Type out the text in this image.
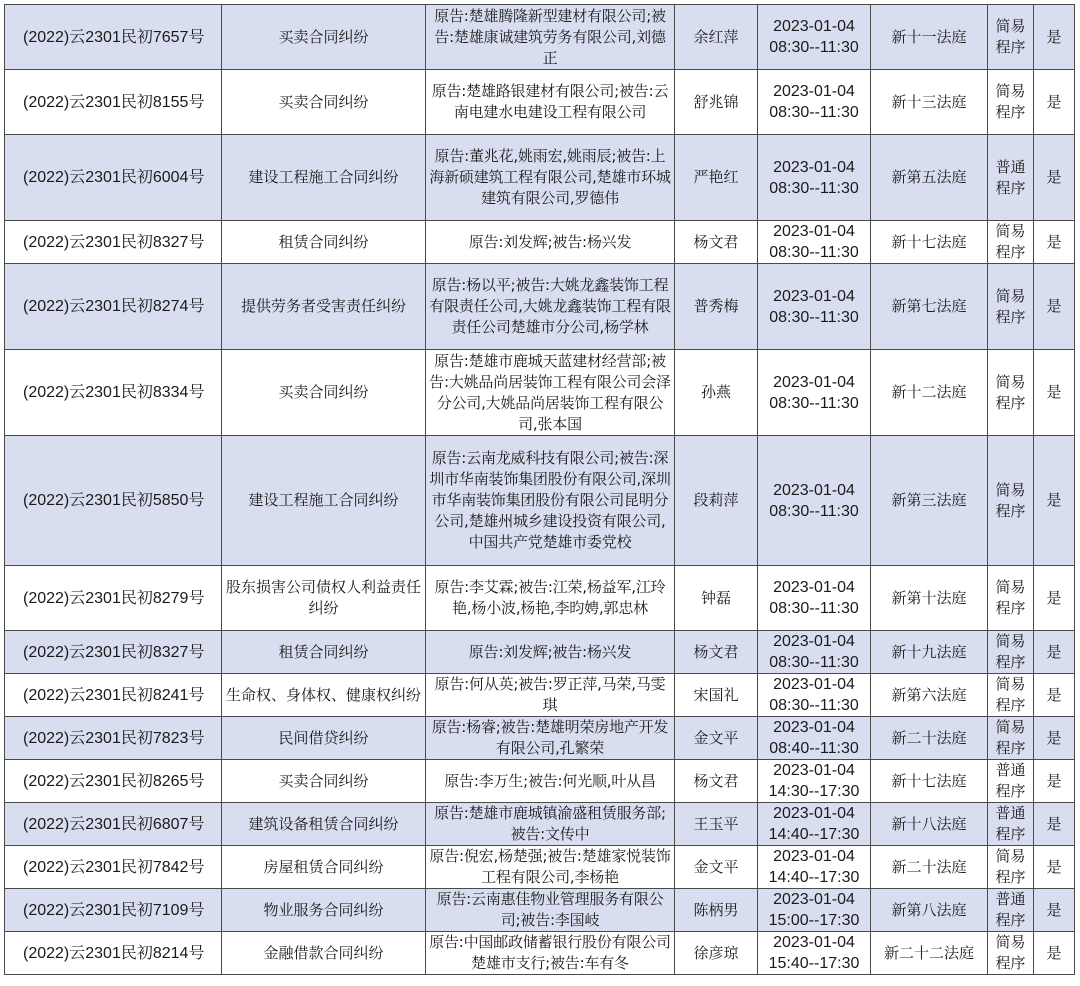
(2022)云2301民初7657号	买卖合同纠纷	原告:楚雄腾隆新型建材有限公司;被告:楚雄康诚建筑劳务有限公司,刘德正	余红萍	2023-01-04
08:30--11:30	新十一法庭	简易程序	是
(2022)云2301民初8155号	买卖合同纠纷	原告:楚雄路银建材有限公司;被告:云南电建水电建设工程有限公司	舒兆锦	2023-01-04
08:30--11:30	新十三法庭	简易程序	是
(2022)云2301民初6004号	建设工程施工合同纠纷	原告:董兆花,姚雨宏,姚雨辰;被告:上海新硕建筑工程有限公司,楚雄市环城建筑有限公司,罗德伟	严艳红	2023-01-04
08:30--11:30	新第五法庭	普通程序	是
(2022)云2301民初8327号	租赁合同纠纷	原告:刘发辉;被告:杨兴发	杨文君	2023-01-04
08:30--11:30	新十七法庭	简易程序	是
(2022)云2301民初8274号	提供劳务者受害责任纠纷	原告:杨以平;被告:大姚龙鑫装饰工程有限责任公司,大姚龙鑫装饰工程有限责任公司楚雄市分公司,杨学林	普秀梅	2023-01-04
08:30--11:30	新第七法庭	简易程序	是
(2022)云2301民初8334号	买卖合同纠纷	原告:楚雄市鹿城天蓝建材经营部;被告:大姚品尚居装饰工程有限公司会泽分公司,大姚品尚居装饰工程有限公司,张本国	孙燕	2023-01-04
08:30--11:30	新十二法庭	简易程序	是
(2022)云2301民初5850号	建设工程施工合同纠纷	原告:云南龙威科技有限公司;被告:深圳市华南装饰集团股份有限公司,深圳市华南装饰集团股份有限公司昆明分公司,楚雄州城乡建设投资有限公司,中国共产党楚雄市委党校	段莉萍	2023-01-04
08:30--11:30	新第三法庭	简易程序	是
(2022)云2301民初8279号	股东损害公司债权人利益责任纠纷	原告:李艾霖;被告:江荣,杨益军,江玲艳,杨小波,杨艳,李昀娉,郭忠林	钟磊	2023-01-04
08:30--11:30	新第十法庭	简易程序	是
(2022)云2301民初8327号	租赁合同纠纷	原告:刘发辉;被告:杨兴发	杨文君	2023-01-04
08:30--11:30	新十九法庭	简易程序	是
(2022)云2301民初8241号	生命权、身体权、健康权纠纷	原告:何从英;被告:罗正萍,马荣,马雯琪	宋国礼	2023-01-04
08:30--11:30	新第六法庭	简易程序	是
(2022)云2301民初7823号	民间借贷纠纷	原告:杨睿;被告:楚雄明荣房地产开发有限公司,孔繁荣	金文平	2023-01-04
08:40--11:30	新二十法庭	简易程序	是
(2022)云2301民初8265号	买卖合同纠纷	原告:李万生;被告:何光顺,叶从昌	杨文君	2023-01-04
14:30--17:30	新十七法庭	普通程序	是
(2022)云2301民初6807号	建筑设备租赁合同纠纷	原告:楚雄市鹿城镇渝盛租赁服务部;被告:文传中	王玉平	2023-01-04
14:40--17:30	新十八法庭	普通程序	是
(2022)云2301民初7842号	房屋租赁合同纠纷	原告:倪宏,杨楚强;被告:楚雄家悦装饰工程有限公司,李杨艳	金文平	2023-01-04
14:40--17:30	新二十法庭	简易程序	是
(2022)云2301民初7109号	物业服务合同纠纷	原告:云南惠佳物业管理服务有限公司;被告:李国岐	陈柄男	2023-01-04
15:00--17:30	新第八法庭	普通程序	是
(2022)云2301民初8214号	金融借款合同纠纷	原告:中国邮政储蓄银行股份有限公司楚雄市支行;被告:车有冬	徐彦琼	2023-01-04
15:40--17:30	新二十二法庭	简易程序	是
